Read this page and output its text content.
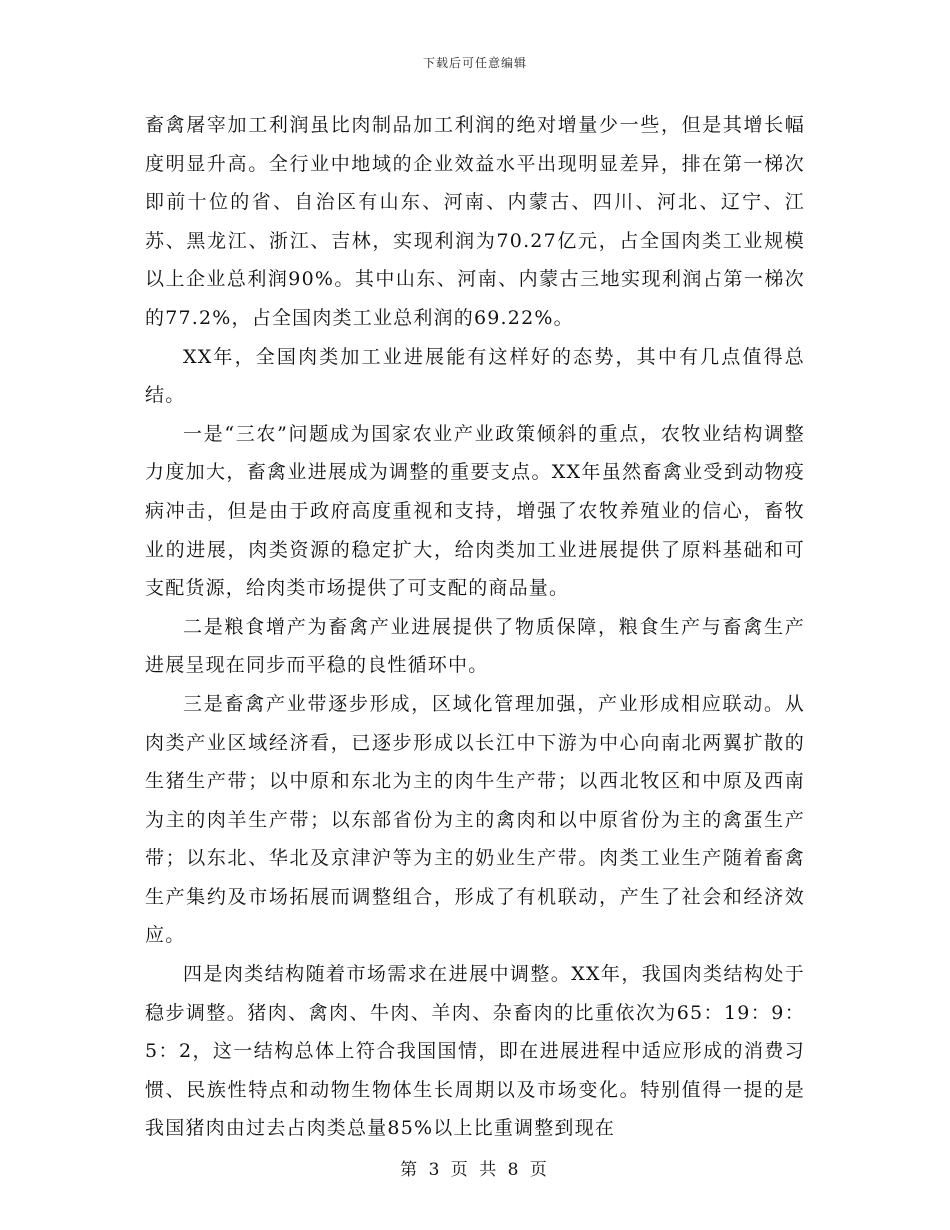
下载后可任意编辑

畜禽屠宰加工利润虽比肉制品加工利润的绝对增量少一些，但是其增长幅度明显升高。全行业中地域的企业效益水平出现明显差异，排在第一梯次即前十位的省、自治区有山东、河南、内蒙古、四川、河北、辽宁、江苏、黑龙江、浙江、吉林，实现利润为70.27亿元，占全国肉类工业规模以上企业总利润90%。其中山东、河南、内蒙古三地实现利润占第一梯次的77.2%，占全国肉类工业总利润的69.22%。

XX年，全国肉类加工业进展能有这样好的态势，其中有几点值得总结。

一是“三农”问题成为国家农业产业政策倾斜的重点，农牧业结构调整力度加大，畜禽业进展成为调整的重要支点。XX年虽然畜禽业受到动物疫病冲击，但是由于政府高度重视和支持，增强了农牧养殖业的信心，畜牧业的进展，肉类资源的稳定扩大，给肉类加工业进展提供了原料基础和可支配货源，给肉类市场提供了可支配的商品量。

二是粮食增产为畜禽产业进展提供了物质保障，粮食生产与畜禽生产进展呈现在同步而平稳的良性循环中。

三是畜禽产业带逐步形成，区域化管理加强，产业形成相应联动。从肉类产业区域经济看，已逐步形成以长江中下游为中心向南北两翼扩散的生猪生产带；以中原和东北为主的肉牛生产带；以西北牧区和中原及西南为主的肉羊生产带；以东部省份为主的禽肉和以中原省份为主的禽蛋生产带；以东北、华北及京津沪等为主的奶业生产带。肉类工业生产随着畜禽生产集约及市场拓展而调整组合，形成了有机联动，产生了社会和经济效应。

四是肉类结构随着市场需求在进展中调整。XX年，我国肉类结构处于稳步调整。猪肉、禽肉、牛肉、羊肉、杂畜肉的比重依次为65：19：9：5：2，这一结构总体上符合我国国情，即在进展进程中适应形成的消费习惯、民族性特点和动物生物体生长周期以及市场变化。特别值得一提的是我国猪肉由过去占肉类总量85%以上比重调整到现在

第 3 页 共 8 页
